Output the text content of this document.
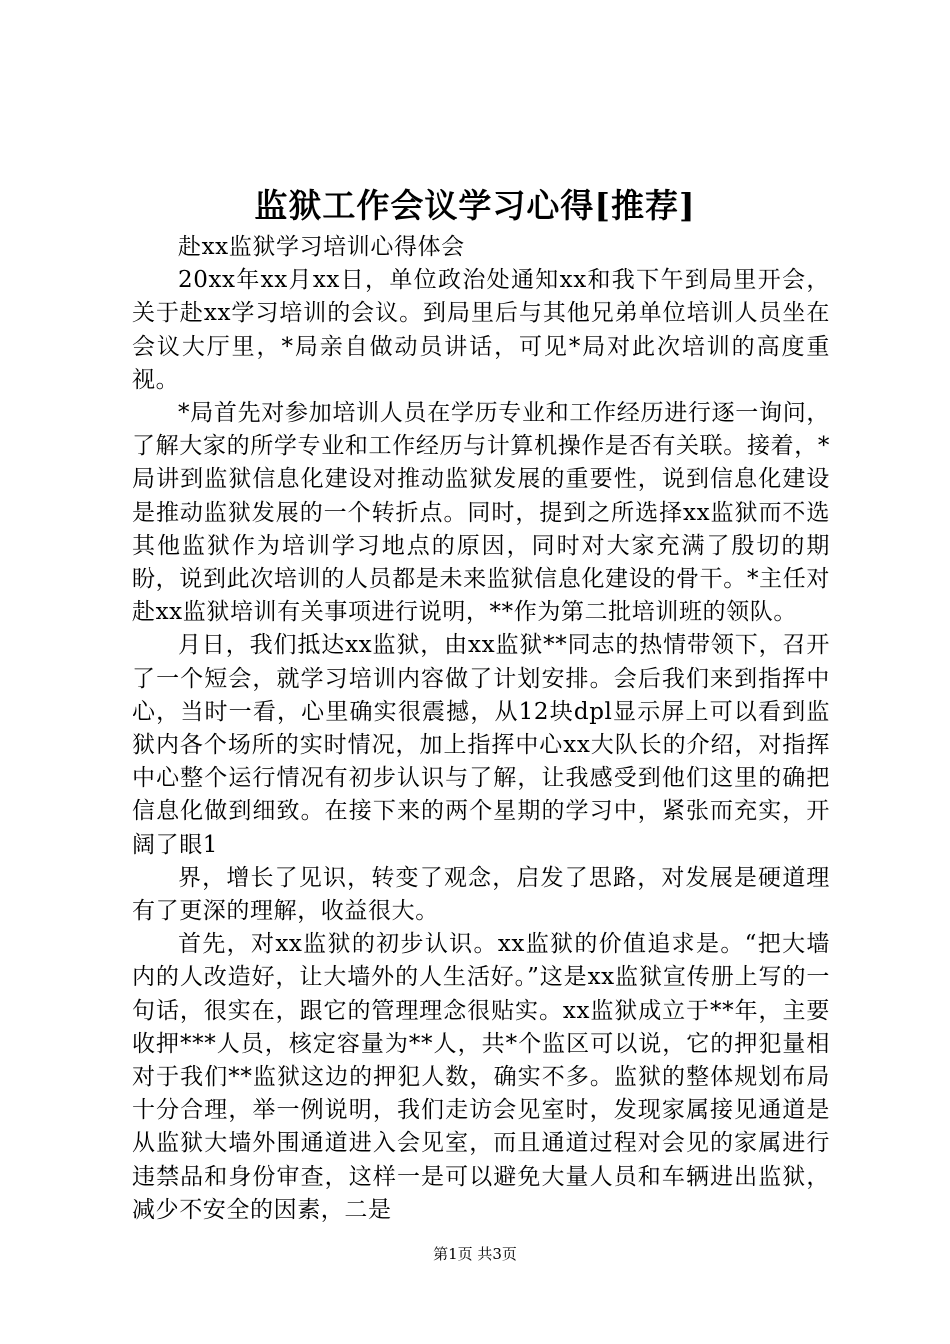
监狱工作会议学习心得[推荐]

赴xx监狱学习培训心得体会

20xx年xx月xx日，单位政治处通知xx和我下午到局里开会，关于赴xx学习培训的会议。到局里后与其他兄弟单位培训人员坐在会议大厅里，*局亲自做动员讲话，可见*局对此次培训的高度重视。

*局首先对参加培训人员在学历专业和工作经历进行逐一询问，了解大家的所学专业和工作经历与计算机操作是否有关联。接着，*局讲到监狱信息化建设对推动监狱发展的重要性，说到信息化建设是推动监狱发展的一个转折点。同时，提到之所选择xx监狱而不选其他监狱作为培训学习地点的原因，同时对大家充满了殷切的期盼，说到此次培训的人员都是未来监狱信息化建设的骨干。*主任对赴xx监狱培训有关事项进行说明，**作为第二批培训班的领队。

月日，我们抵达xx监狱，由xx监狱**同志的热情带领下，召开了一个短会，就学习培训内容做了计划安排。会后我们来到指挥中心，当时一看，心里确实很震撼，从12块dpl显示屏上可以看到监狱内各个场所的实时情况，加上指挥中心xx大队长的介绍，对指挥中心整个运行情况有初步认识与了解，让我感受到他们这里的确把信息化做到细致。在接下来的两个星期的学习中，紧张而充实，开阔了眼1

界，增长了见识，转变了观念，启发了思路，对发展是硬道理有了更深的理解，收益很大。

首先，对xx监狱的初步认识。xx监狱的价值追求是。“把大墙内的人改造好，让大墙外的人生活好。”这是xx监狱宣传册上写的一句话，很实在，跟它的管理理念很贴实。xx监狱成立于**年，主要收押***人员，核定容量为**人，共*个监区可以说，它的押犯量相对于我们**监狱这边的押犯人数，确实不多。监狱的整体规划布局十分合理，举一例说明，我们走访会见室时，发现家属接见通道是从监狱大墙外围通道进入会见室，而且通道过程对会见的家属进行违禁品和身份审查，这样一是可以避免大量人员和车辆进出监狱，减少不安全的因素，二是

第1页 共3页
